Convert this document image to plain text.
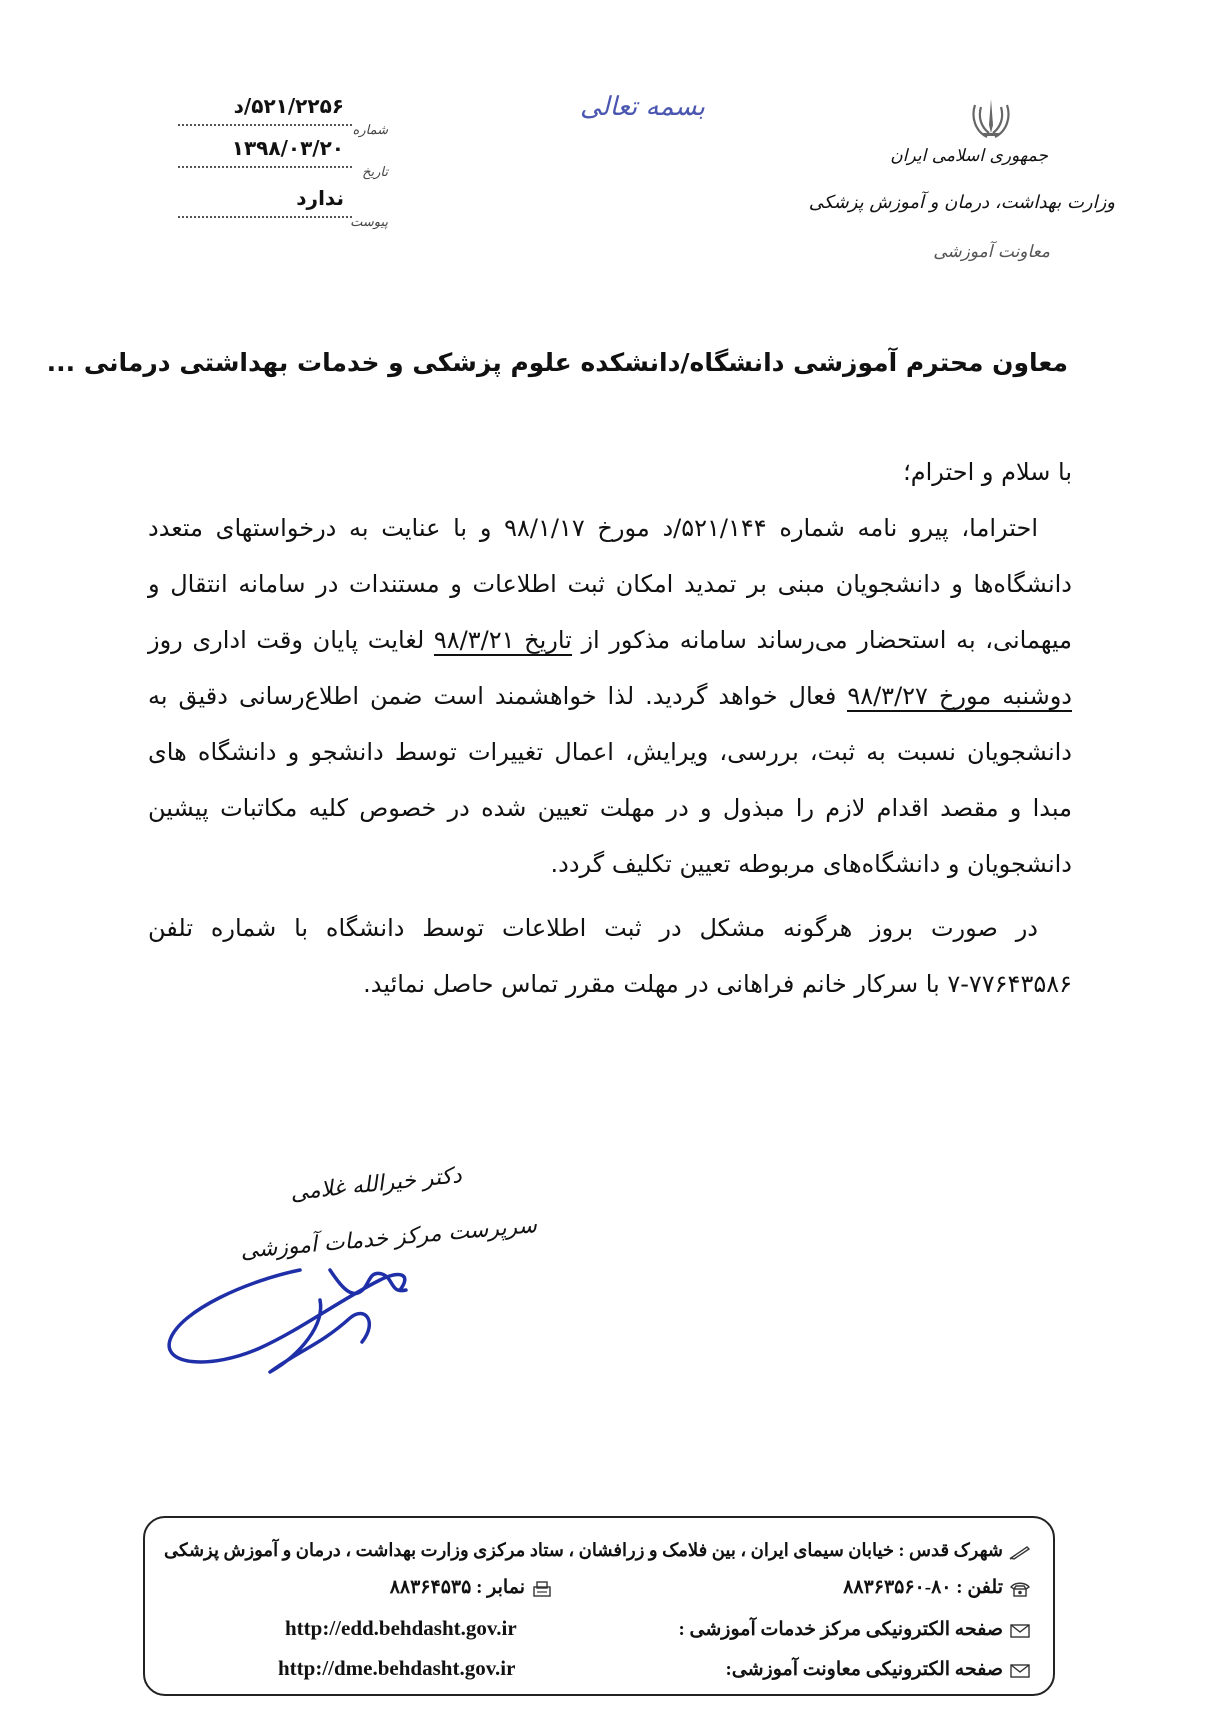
۵۲۱/۲۲۵۶/د
شماره
۱۳۹۸/۰۳/۲۰
تاریخ
ندارد
پیوست
بسمه تعالی
جمهوری اسلامی ایران
وزارت بهداشت، درمان و آموزش پزشکی
معاونت آموزشی
معاون محترم آموزشی دانشگاه/دانشکده علوم پزشکی و خدمات بهداشتی درمانی ...

با سلام و احترام؛

احتراما، پیرو نامه شماره ۵۲۱/۱۴۴/د مورخ ۹۸/۱/۱۷ و با عنایت به درخواستهای متعدد دانشگاه‌ها و دانشجویان مبنی بر تمدید امکان ثبت اطلاعات و مستندات در سامانه انتقال و میهمانی، به استحضار می‌رساند سامانه مذکور از تاریخ ۹۸/۳/۲۱ لغایت پایان وقت اداری روز دوشنبه مورخ ۹۸/۳/۲۷ فعال خواهد گردید. لذا خواهشمند است ضمن اطلاع‌رسانی دقیق به دانشجویان نسبت به ثبت، بررسی، ویرایش، اعمال تغییرات توسط دانشجو و دانشگاه های مبدا و مقصد اقدام لازم را مبذول و در مهلت تعیین شده در خصوص کلیه مکاتبات پیشین دانشجویان و دانشگاه‌های مربوطه تعیین تکلیف گردد.

در صورت بروز هرگونه مشکل در ثبت اطلاعات توسط دانشگاه با شماره تلفن ۷۷۶۴۳۵۸۶-۷ با سرکار خانم فراهانی در مهلت مقرر تماس حاصل نمائید.

دکتر خیرالله غلامی
سرپرست مرکز خدمات آموزشی
شهرک قدس : خیابان سیمای ایران ، بین فلامک و زرافشان ، ستاد مرکزی وزارت بهداشت ، درمان و آموزش پزشکی
تلفن : ۸۰-۸۸۳۶۳۵۶۰
نمابر : ۸۸۳۶۴۵۳۵
صفحه الکترونیکی مرکز خدمات آموزشی :
http://edd.behdasht.gov.ir
صفحه الکترونیکی معاونت آموزشی:
http://dme.behdasht.gov.ir
